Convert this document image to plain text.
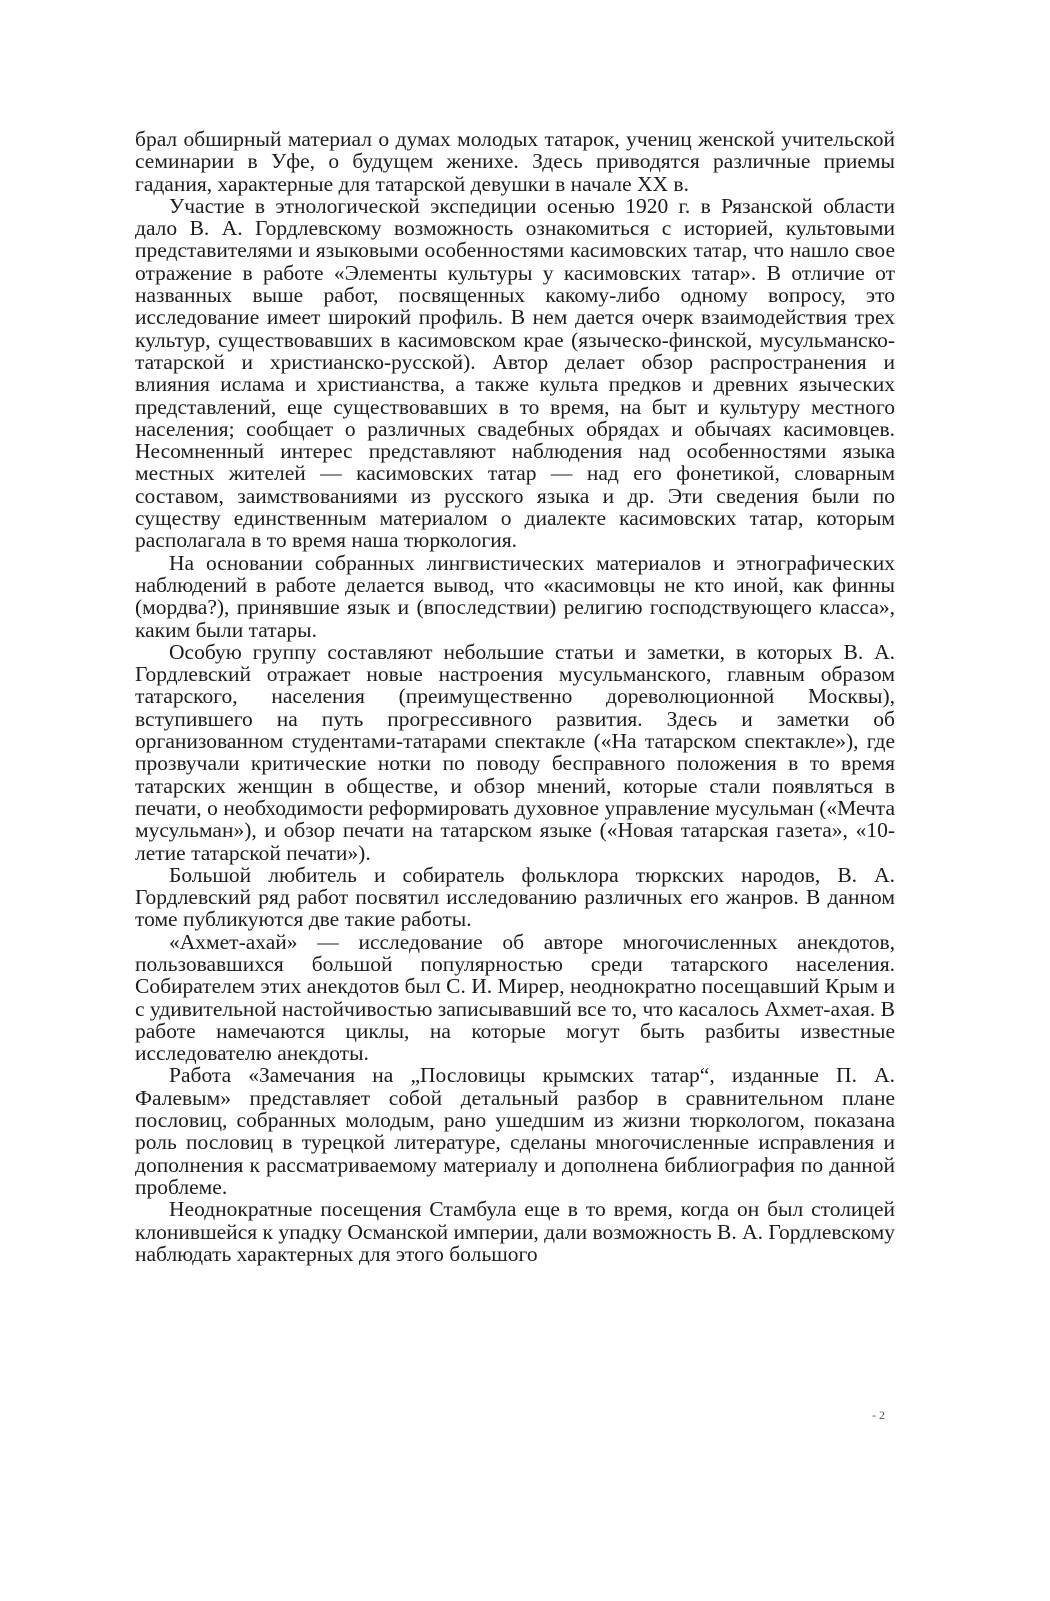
брал обширный материал о думах молодых татарок, учениц женской учительской семинарии в Уфе, о будущем женихе. Здесь приводятся различные приемы гадания, характерные для татарской девушки в начале XX в.

Участие в этнологической экспедиции осенью 1920 г. в Рязанской области дало В. А. Гордлевскому возможность ознакомиться с историей, культовыми представителями и языковыми особенностями касимовских татар, что нашло свое отражение в работе «Элементы культуры у касимовских татар». В отличие от названных выше работ, посвященных какому-либо одному вопросу, это исследование имеет широкий профиль. В нем дается очерк взаимодействия трех культур, существовавших в касимовском крае (языческо-финской, мусульманско-татарской и христианско-русской). Автор делает обзор распространения и влияния ислама и христианства, а также культа предков и древних языческих представлений, еще существовавших в то время, на быт и культуру местного населения; сообщает о различных свадебных обрядах и обычаях касимовцев. Несомненный интерес представляют наблюдения над особенностями языка местных жителей — касимовских татар — над его фонетикой, словарным составом, заимствованиями из русского языка и др. Эти сведения были по существу единственным материалом о диалекте касимовских татар, которым располагала в то время наша тюркология.

На основании собранных лингвистических материалов и этнографических наблюдений в работе делается вывод, что «касимовцы не кто иной, как финны (мордва?), принявшие язык и (впоследствии) религию господствующего класса», каким были татары.

Особую группу составляют небольшие статьи и заметки, в которых В. А. Гордлевский отражает новые настроения мусульманского, главным образом татарского, населения (преимущественно дореволюционной Москвы), вступившего на путь прогрессивного развития. Здесь и заметки об организованном студентами-татарами спектакле («На татарском спектакле»), где прозвучали критические нотки по поводу бесправного положения в то время татарских женщин в обществе, и обзор мнений, которые стали появляться в печати, о необходимости реформировать духовное управление мусульман («Мечта мусульман»), и обзор печати на татарском языке («Новая татарская газета», «10-летие татарской печати»).

Большой любитель и собиратель фольклора тюркских народов, В. А. Гордлевский ряд работ посвятил исследованию различных его жанров. В данном томе публикуются две такие работы.

«Ахмет-ахай» — исследование об авторе многочисленных анекдотов, пользовавшихся большой популярностью среди татарского населения. Собирателем этих анекдотов был С. И. Мирер, неоднократно посещавший Крым и с удивительной настойчивостью записывавший все то, что касалось Ахмет-ахая. В работе намечаются циклы, на которые могут быть разбиты известные исследователю анекдоты.

Работа «Замечания на „Пословицы крымских татар“, изданные П. А. Фалевым» представляет собой детальный разбор в сравнительном плане пословиц, собранных молодым, рано ушедшим из жизни тюркологом, показана роль пословиц в турецкой литературе, сделаны многочисленные исправления и дополнения к рассматриваемому материалу и дополнена библиография по данной проблеме.

Неоднократные посещения Стамбула еще в то время, когда он был столицей клонившейся к упадку Османской империи, дали возможность В. А. Гордлевскому наблюдать характерных для этого большого

- 2
